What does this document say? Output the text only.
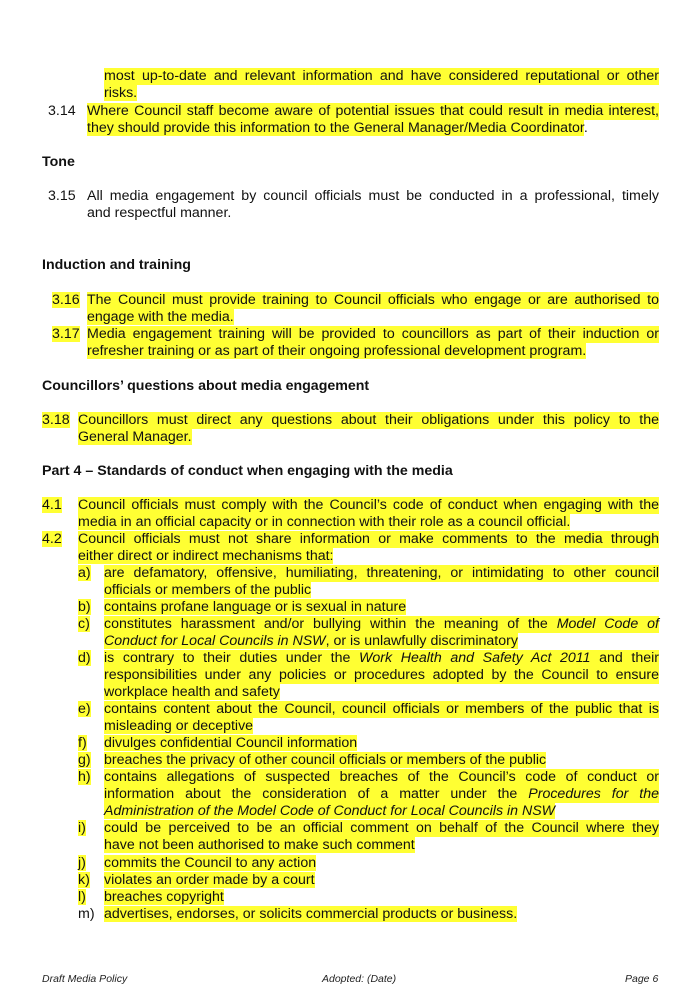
most up-to-date and relevant information and have considered reputational or other
risks.
3.14 Where Council staff become aware of potential issues that could result in media interest,
they should provide this information to the General Manager/Media Coordinator.
Tone
3.15 All media engagement by council officials must be conducted in a professional, timely
and respectful manner.
Induction and training
3.16 The Council must provide training to Council officials who engage or are authorised to
engage with the media.
3.17 Media engagement training will be provided to councillors as part of their induction or
refresher training or as part of their ongoing professional development program.
Councillors’ questions about media engagement
3.18 Councillors must direct any questions about their obligations under this policy to the
General Manager.
Part 4 – Standards of conduct when engaging with the media
4.1 Council officials must comply with the Council’s code of conduct when engaging with the
media in an official capacity or in connection with their role as a council official.
4.2 Council officials must not share information or make comments to the media through
either direct or indirect mechanisms that:
a) are defamatory, offensive, humiliating, threatening, or intimidating to other council
officials or members of the public
b) contains profane language or is sexual in nature
c) constitutes harassment and/or bullying within the meaning of the Model Code of
Conduct for Local Councils in NSW, or is unlawfully discriminatory
d) is contrary to their duties under the Work Health and Safety Act 2011 and their
responsibilities under any policies or procedures adopted by the Council to ensure
workplace health and safety
e) contains content about the Council, council officials or members of the public that is
misleading or deceptive
f) divulges confidential Council information
g) breaches the privacy of other council officials or members of the public
h) contains allegations of suspected breaches of the Council’s code of conduct or
information about the consideration of a matter under the Procedures for the
Administration of the Model Code of Conduct for Local Councils in NSW
i) could be perceived to be an official comment on behalf of the Council where they
have not been authorised to make such comment
j) commits the Council to any action
k) violates an order made by a court
l) breaches copyright
m) advertises, endorses, or solicits commercial products or business.
Draft Media Policy	Adopted: (Date)	Page 6
